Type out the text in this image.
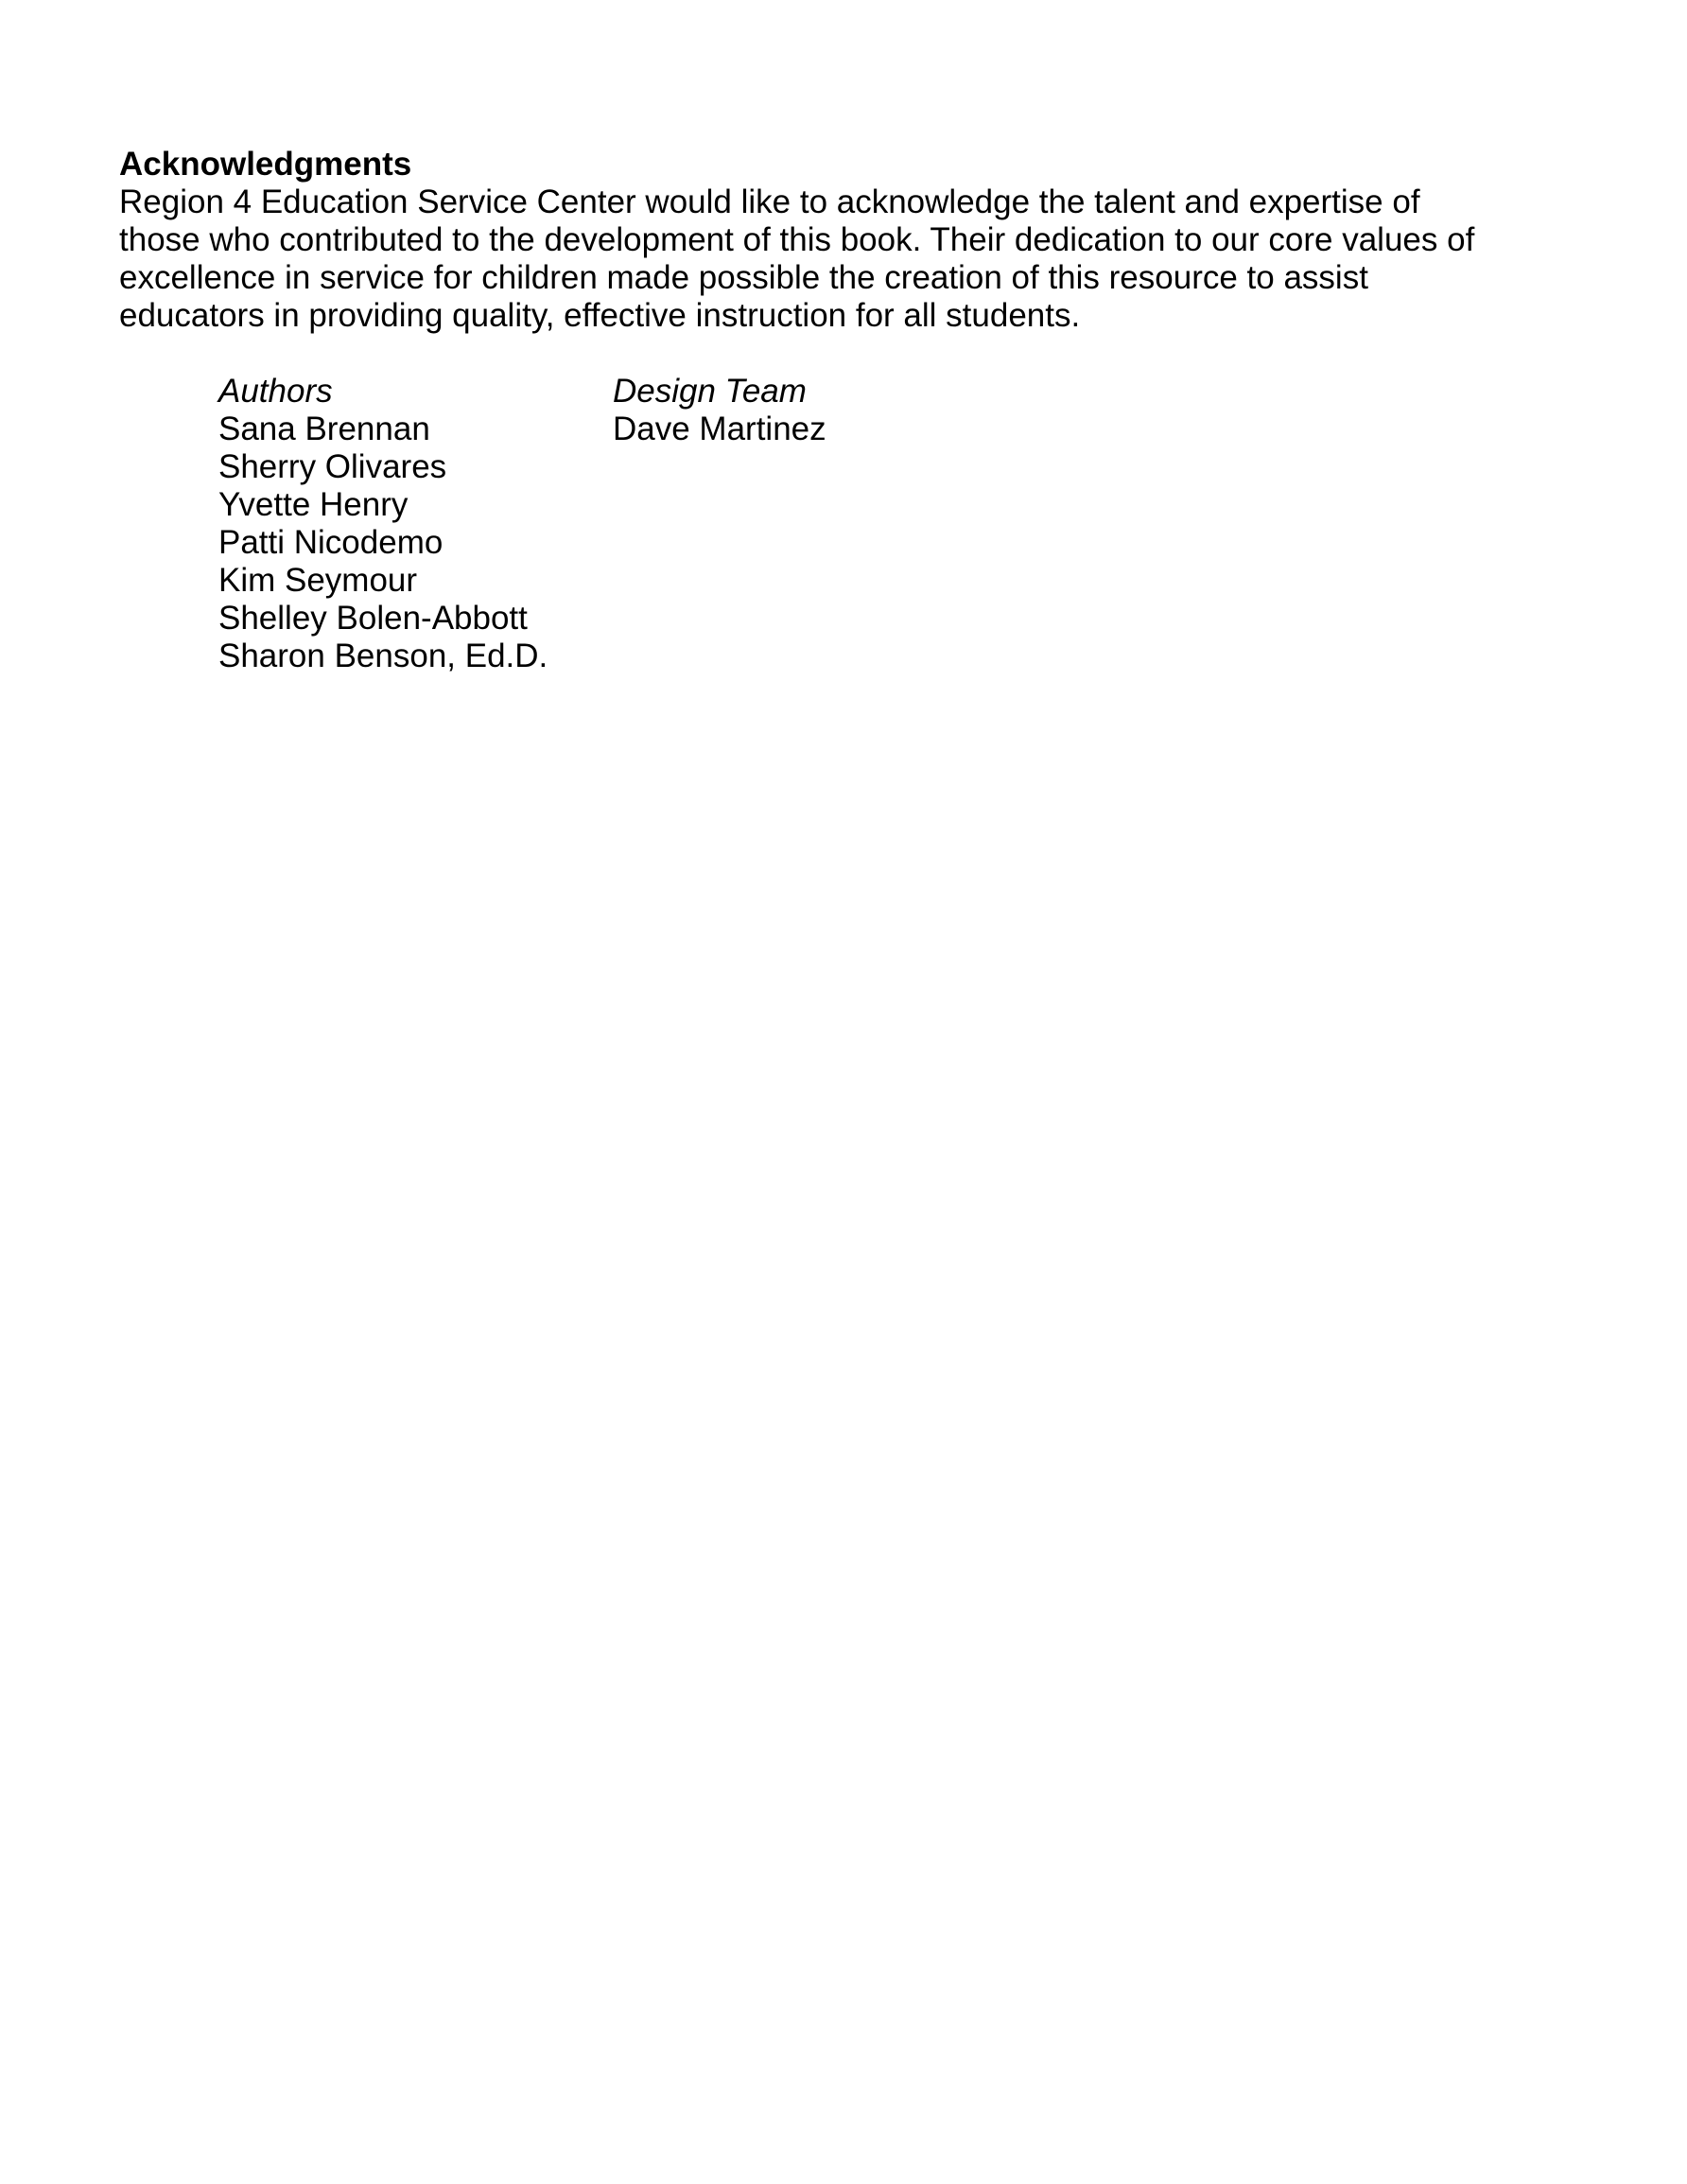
Acknowledgments
Region 4 Education Service Center would like to acknowledge the talent and expertise of
those who contributed to the development of this book. Their dedication to our core values of
excellence in service for children made possible the creation of this resource to assist
educators in providing quality, effective instruction for all students.
Authors
Sana Brennan
Sherry Olivares
Yvette Henry
Patti Nicodemo
Kim Seymour
Shelley Bolen-Abbott
Sharon Benson, Ed.D.
Design Team
Dave Martinez
